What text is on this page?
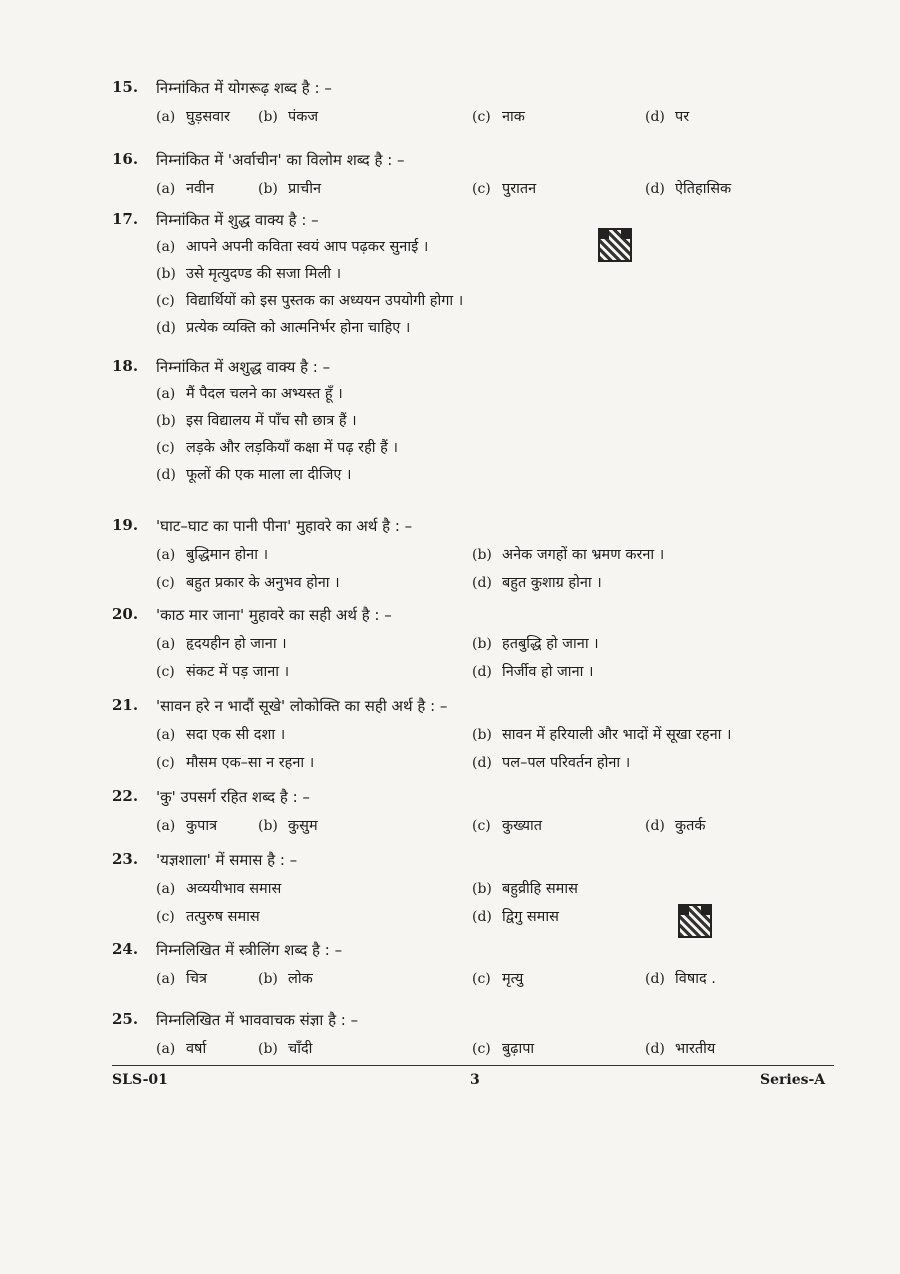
15.	निम्नांकित में योगरूढ़ शब्द है : –
(a) घुड़सवार (b) पंकज	(c) नाक	(d) पर
16.	निम्नांकित में 'अर्वाचीन' का विलोम शब्द है : –
(a) नवीन	(b) प्राचीन	(c) पुरातन	(d) ऐतिहासिक
17.	निम्नांकित में शुद्ध वाक्य है : –
(a) आपने अपनी कविता स्वयं आप पढ़कर सुनाई ।
(b) उसे मृत्युदण्ड की सजा मिली ।
(c) विद्यार्थियों को इस पुस्तक का अध्ययन उपयोगी होगा ।
(d) प्रत्येक व्यक्ति को आत्मनिर्भर होना चाहिए ।
18.	निम्नांकित में अशुद्ध वाक्य है : –
(a) मैं पैदल चलने का अभ्यस्त हूँ ।
(b) इस विद्यालय में पाँच सौ छात्र हैं ।
(c) लड़के और लड़कियाँ कक्षा में पढ़ रही हैं ।
(d) फूलों की एक माला ला दीजिए ।
19.	'घाट–घाट का पानी पीना' मुहावरे का अर्थ है : –
(a) बुद्धिमान होना ।	(b) अनेक जगहों का भ्रमण करना ।
(c) बहुत प्रकार के अनुभव होना ।	(d) बहुत कुशाग्र होना ।
20.	'काठ मार जाना' मुहावरे का सही अर्थ है : –
(a) हृदयहीन हो जाना ।	(b) हतबुद्धि हो जाना ।
(c) संकट में पड़ जाना ।	(d) निर्जीव हो जाना ।
21.	'सावन हरे न भादौं सूखे' लोकोक्ति का सही अर्थ है : –
(a) सदा एक सी दशा ।	(b) सावन में हरियाली और भादों में सूखा रहना ।
(c) मौसम एक–सा न रहना ।	(d) पल–पल परिवर्तन होना ।
22.	'कु' उपसर्ग रहित शब्द है : –
(a) कुपात्र	(b) कुसुम	(c) कुख्यात	(d) कुतर्क
23.	'यज्ञशाला' में समास है : –
(a) अव्ययीभाव समास	(b) बहुव्रीहि समास
(c) तत्पुरुष समास	(d) द्विगु समास
24.	निम्नलिखित में स्त्रीलिंग शब्द है : –
(a) चित्र	(b) लोक	(c) मृत्यु	(d) विषाद .
25.	निम्नलिखित में भाववाचक संज्ञा है : –
(a) वर्षा	(b) चाँदी	(c) बुढ़ापा	(d) भारतीय
SLS-01	3	Series-A
